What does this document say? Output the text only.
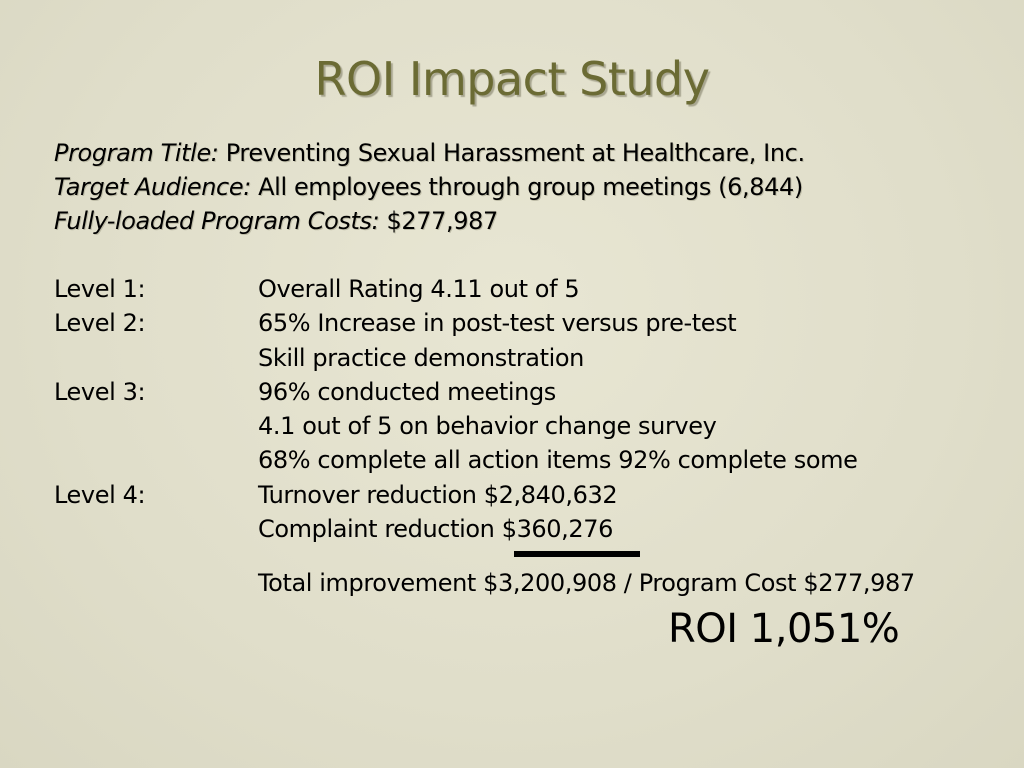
ROI Impact Study
Program Title: Preventing Sexual Harassment at Healthcare, Inc.
Target Audience: All employees through group meetings (6,844)
Fully-loaded Program Costs: $277,987
Level 1:	Overall Rating 4.11 out of 5
Level 2:	65% Increase in post-test versus pre-test
Skill practice demonstration
Level 3:	96% conducted meetings
4.1 out of 5 on behavior change survey
68% complete all action items 92% complete some
Level 4:	Turnover reduction $2,840,632
Complaint reduction $360,276
Total improvement $3,200,908 / Program Cost $277,987
ROI 1,051%
